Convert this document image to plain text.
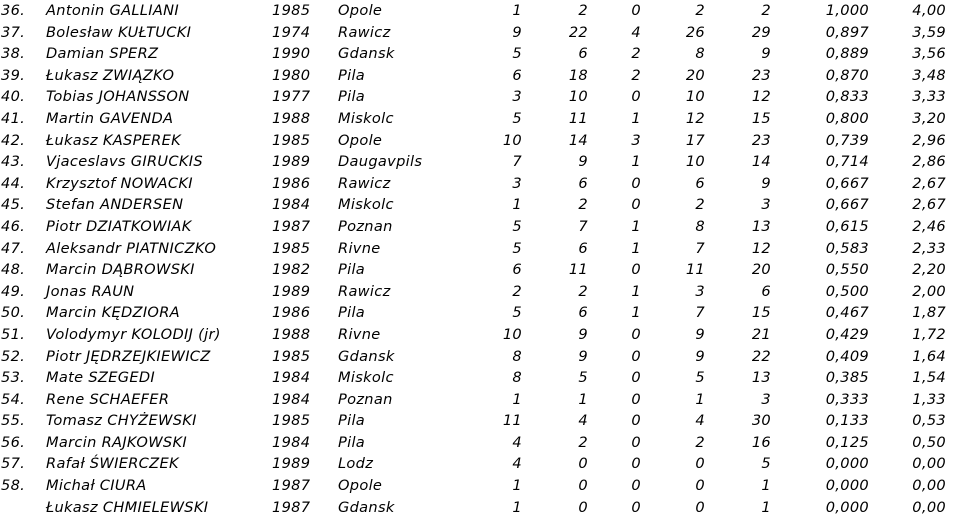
36. Antonin GALLIANI	1985 Opole	1	2	0	2	2	1,000	4,00
37. Bolesław KUŁTUCKI	1974 Rawicz	9	22	4	26	29	0,897	3,59
38. Damian SPERZ	1990 Gdansk	5	6	2	8	9	0,889	3,56
39. Łukasz ZWIĄZKO	1980 Pila	6	18	2	20	23	0,870	3,48
40. Tobias JOHANSSON	1977 Pila	3	10	0	10	12	0,833	3,33
41. Martin GAVENDA	1988 Miskolc	5	11	1	12	15	0,800	3,20
42. Łukasz KASPEREK	1985 Opole	10	14	3	17	23	0,739	2,96
43. Vjaceslavs GIRUCKIS	1989 Daugavpils	7	9	1	10	14	0,714	2,86
44. Krzysztof NOWACKI	1986 Rawicz	3	6	0	6	9	0,667	2,67
45. Stefan ANDERSEN	1984 Miskolc	1	2	0	2	3	0,667	2,67
46. Piotr DZIATKOWIAK	1987 Poznan	5	7	1	8	13	0,615	2,46
47. Aleksandr PIATNICZKO	1985 Rivne	5	6	1	7	12	0,583	2,33
48. Marcin DĄBROWSKI	1982 Pila	6	11	0	11	20	0,550	2,20
49. Jonas RAUN	1989 Rawicz	2	2	1	3	6	0,500	2,00
50. Marcin KĘDZIORA	1986 Pila	5	6	1	7	15	0,467	1,87
51. Volodymyr KOLODIJ (jr)	1988 Rivne	10	9	0	9	21	0,429	1,72
52. Piotr JĘDRZEJKIEWICZ	1985 Gdansk	8	9	0	9	22	0,409	1,64
53. Mate SZEGEDI	1984 Miskolc	8	5	0	5	13	0,385	1,54
54. Rene SCHAEFER	1984 Poznan	1	1	0	1	3	0,333	1,33
55. Tomasz CHYŻEWSKI	1985 Pila	11	4	0	4	30	0,133	0,53
56. Marcin RAJKOWSKI	1984 Pila	4	2	0	2	16	0,125	0,50
57. Rafał ŚWIERCZEK	1989 Lodz	4	0	0	0	5	0,000	0,00
58. Michał CIURA	1987 Opole	1	0	0	0	1	0,000	0,00
Łukasz CHMIELEWSKI	1987 Gdansk	1	0	0	0	1	0,000	0,00
